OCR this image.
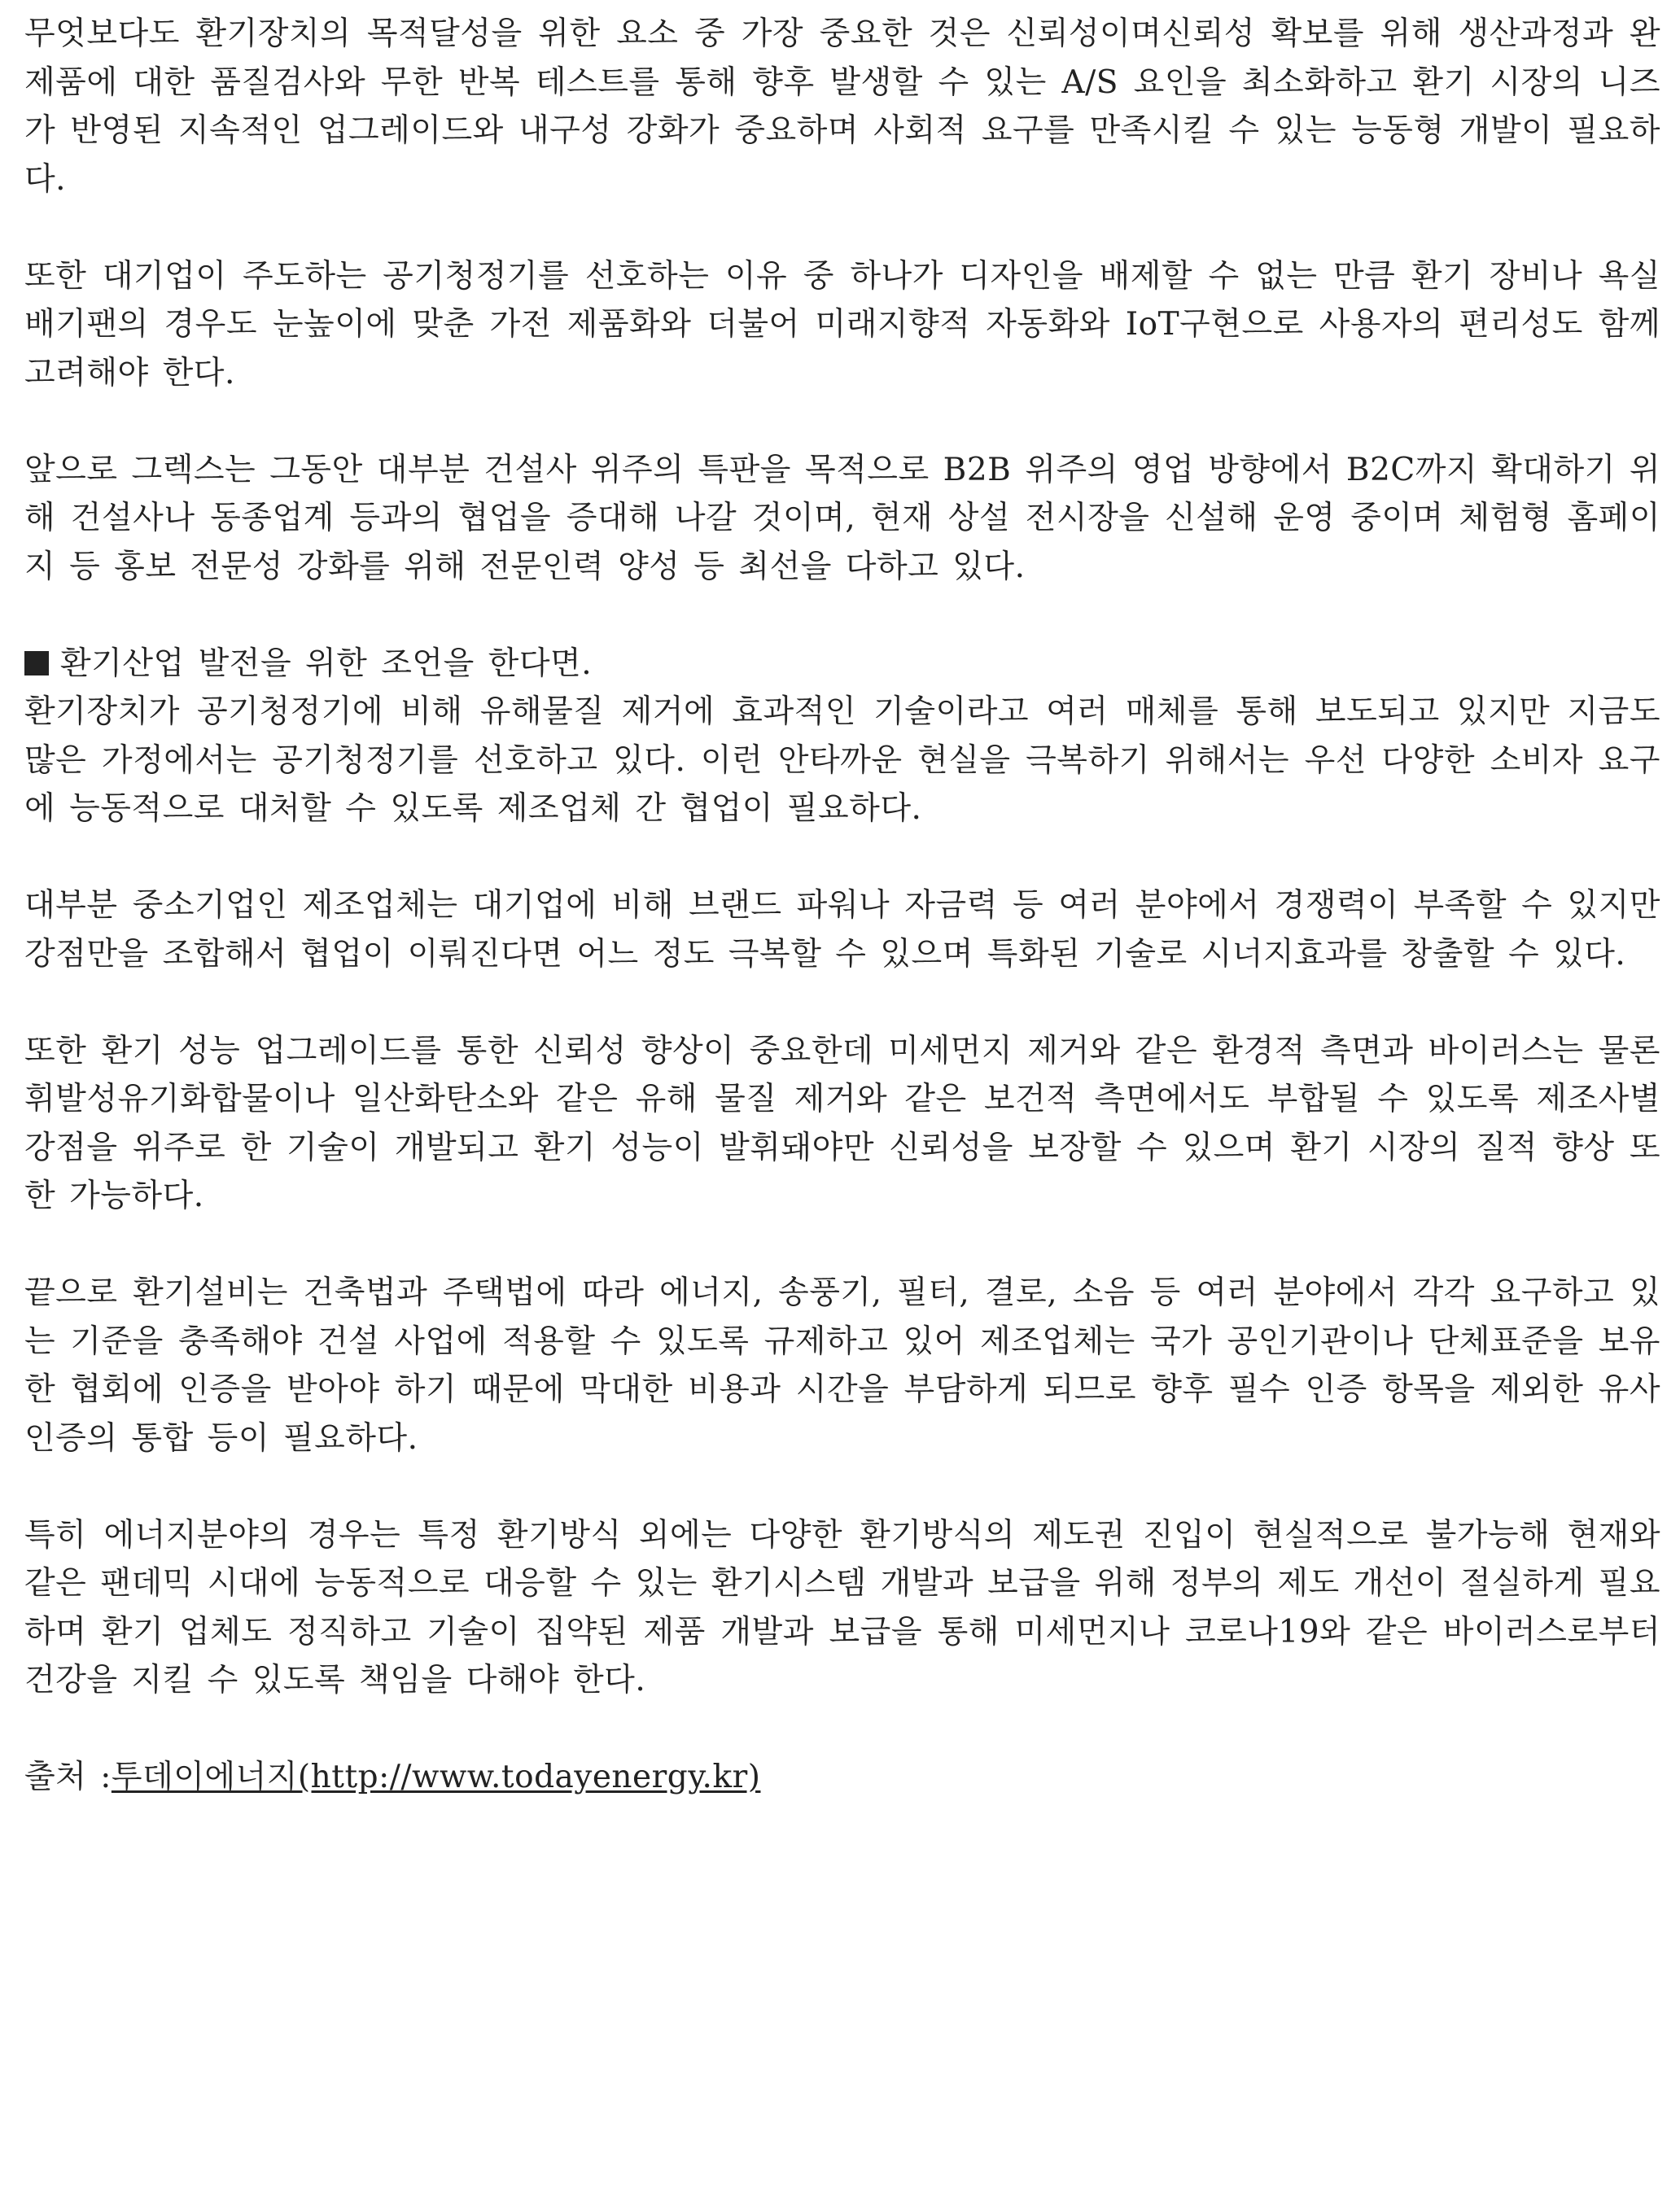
무엇보다도 환기장치의 목적달성을 위한 요소 중 가장 중요한 것은 신뢰성이며신뢰성 확보를 위해 생산과정과 완제품에 대한 품질검사와 무한 반복 테스트를 통해 향후 발생할 수 있는 A/S 요인을 최소화하고 환기 시장의 니즈가 반영된 지속적인 업그레이드와 내구성 강화가 중요하며 사회적 요구를 만족시킬 수 있는 능동형 개발이 필요하다.

또한 대기업이 주도하는 공기청정기를 선호하는 이유 중 하나가 디자인을 배제할 수 없는 만큼 환기 장비나 욕실 배기팬의 경우도 눈높이에 맞춘 가전 제품화와 더불어 미래지향적 자동화와 IoT구현으로 사용자의 편리성도 함께 고려해야 한다.

앞으로 그렉스는 그동안 대부분 건설사 위주의 특판을 목적으로 B2B 위주의 영업 방향에서 B2C까지 확대하기 위해 건설사나 동종업계 등과의 협업을 증대해 나갈 것이며, 현재 상설 전시장을 신설해 운영 중이며 체험형 홈페이지 등 홍보 전문성 강화를 위해 전문인력 양성 등 최선을 다하고 있다.

환기산업 발전을 위한 조언을 한다면.

환기장치가 공기청정기에 비해 유해물질 제거에 효과적인 기술이라고 여러 매체를 통해 보도되고 있지만 지금도 많은 가정에서는 공기청정기를 선호하고 있다. 이런 안타까운 현실을 극복하기 위해서는 우선 다양한 소비자 요구에 능동적으로 대처할 수 있도록 제조업체 간 협업이 필요하다.

대부분 중소기업인 제조업체는 대기업에 비해 브랜드 파워나 자금력 등 여러 분야에서 경쟁력이 부족할 수 있지만 강점만을 조합해서 협업이 이뤄진다면 어느 정도 극복할 수 있으며 특화된 기술로 시너지효과를 창출할 수 있다.

또한 환기 성능 업그레이드를 통한 신뢰성 향상이 중요한데 미세먼지 제거와 같은 환경적 측면과 바이러스는 물론 휘발성유기화합물이나 일산화탄소와 같은 유해 물질 제거와 같은 보건적 측면에서도 부합될 수 있도록 제조사별 강점을 위주로 한 기술이 개발되고 환기 성능이 발휘돼야만 신뢰성을 보장할 수 있으며 환기 시장의 질적 향상 또한 가능하다.

끝으로 환기설비는 건축법과 주택법에 따라 에너지, 송풍기, 필터, 결로, 소음 등 여러 분야에서 각각 요구하고 있는 기준을 충족해야 건설 사업에 적용할 수 있도록 규제하고 있어 제조업체는 국가 공인기관이나 단체표준을 보유한 협회에 인증을 받아야 하기 때문에 막대한 비용과 시간을 부담하게 되므로 향후 필수 인증 항목을 제외한 유사 인증의 통합 등이 필요하다.

특히 에너지분야의 경우는 특정 환기방식 외에는 다양한 환기방식의 제도권 진입이 현실적으로 불가능해 현재와 같은 팬데믹 시대에 능동적으로 대응할 수 있는 환기시스템 개발과 보급을 위해 정부의 제도 개선이 절실하게 필요하며 환기 업체도 정직하고 기술이 집약된 제품 개발과 보급을 통해 미세먼지나 코로나19와 같은 바이러스로부터 건강을 지킬 수 있도록 책임을 다해야 한다.

출처 :투데이에너지(http://www.todayenergy.kr)
